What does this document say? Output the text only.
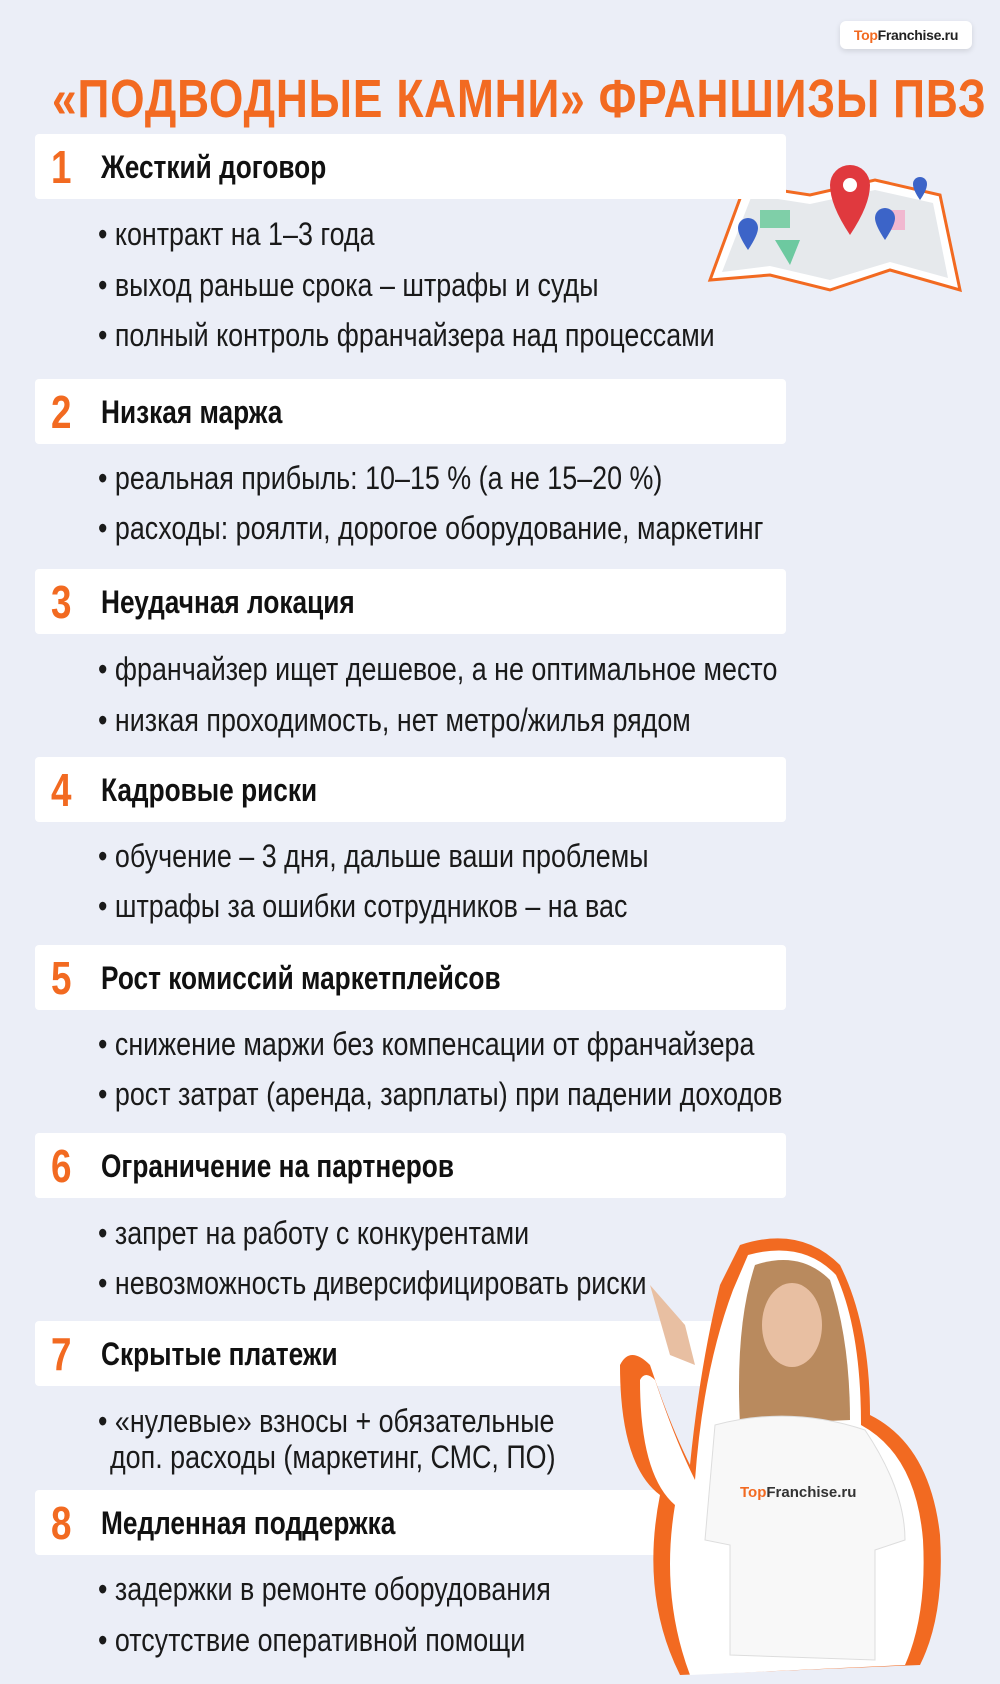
TopFranchise.ru
«ПОДВОДНЫЕ КАМНИ» ФРАНШИЗЫ ПВЗ
1 Жесткий договор
• контракт на 1–3 года
• выход раньше срока – штрафы и суды
• полный контроль франчайзера над процессами
2 Низкая маржа
• реальная прибыль: 10–15 % (а не 15–20 %)
• расходы: роялти, дорогое оборудование, маркетинг
3 Неудачная локация
• франчайзер ищет дешевое, а не оптимальное место
• низкая проходимость, нет метро/жилья рядом
4 Кадровые риски
• обучение – 3 дня, дальше ваши проблемы
• штрафы за ошибки сотрудников – на вас
5 Рост комиссий маркетплейсов
• снижение маржи без компенсации от франчайзера
• рост затрат (аренда, зарплаты) при падении доходов
6 Ограничение на партнеров
• запрет на работу с конкурентами
• невозможность диверсифицировать риски
7 Скрытые платежи
• «нулевые» взносы + обязательные
доп. расходы (маркетинг, СМС, ПО)
8 Медленная поддержка
• задержки в ремонте оборудования
• отсутствие оперативной помощи
TopFranchise.ru
